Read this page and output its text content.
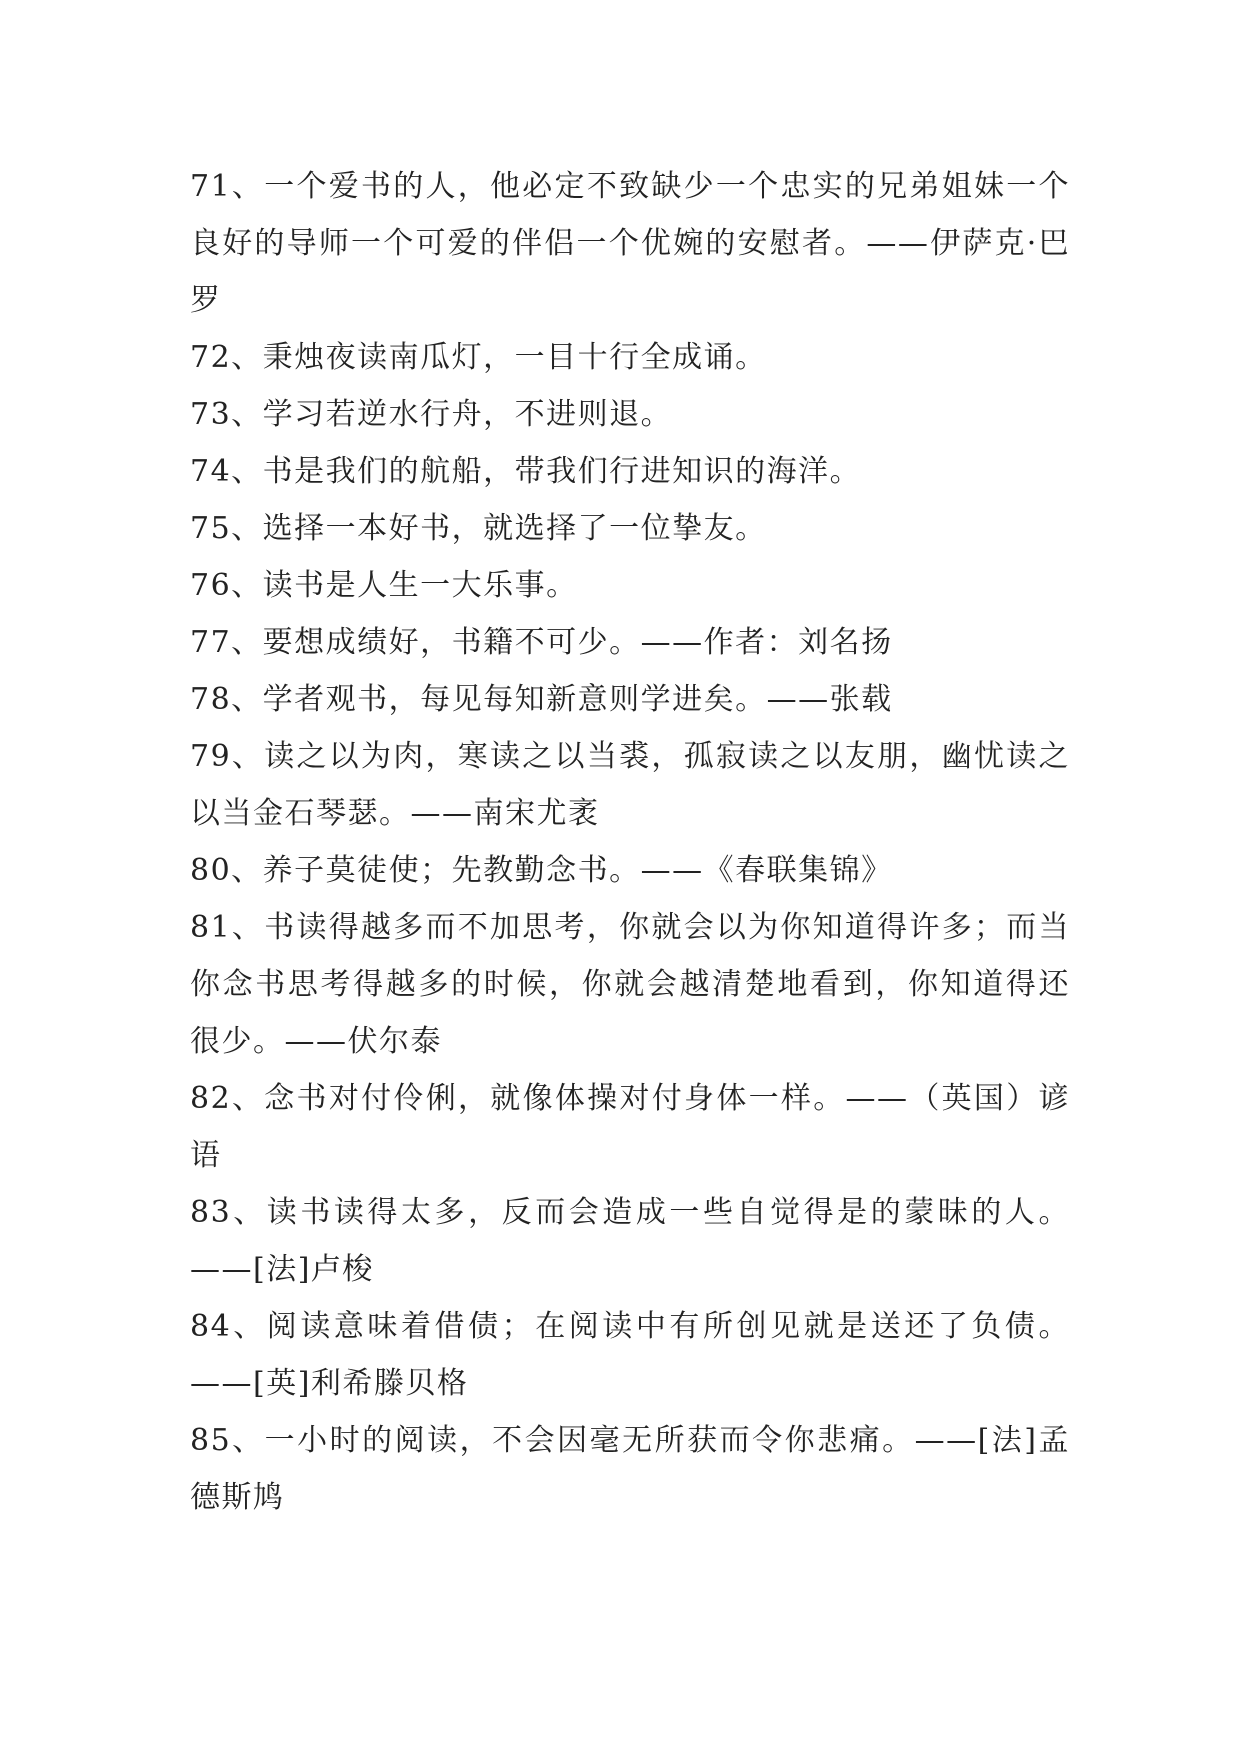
71、一个爱书的人，他必定不致缺少一个忠实的兄弟姐妹一个良好的导师一个可爱的伴侣一个优婉的安慰者。——伊萨克·巴罗

72、秉烛夜读南瓜灯，一目十行全成诵。

73、学习若逆水行舟，不进则退。

74、书是我们的航船，带我们行进知识的海洋。

75、选择一本好书，就选择了一位挚友。

76、读书是人生一大乐事。

77、要想成绩好，书籍不可少。——作者：刘名扬

78、学者观书，每见每知新意则学进矣。——张载

79、读之以为肉，寒读之以当裘，孤寂读之以友朋，幽忧读之以当金石琴瑟。——南宋尤袤

80、养子莫徒使；先教勤念书。——《春联集锦》

81、书读得越多而不加思考，你就会以为你知道得许多；而当你念书思考得越多的时候，你就会越清楚地看到，你知道得还很少。——伏尔泰

82、念书对付伶俐，就像体操对付身体一样。——（英国）谚语

83、读书读得太多，反而会造成一些自觉得是的蒙昧的人。——[法]卢梭

84、阅读意味着借债；在阅读中有所创见就是送还了负债。——[英]利希滕贝格

85、一小时的阅读，不会因毫无所获而令你悲痛。——[法]孟德斯鸠
